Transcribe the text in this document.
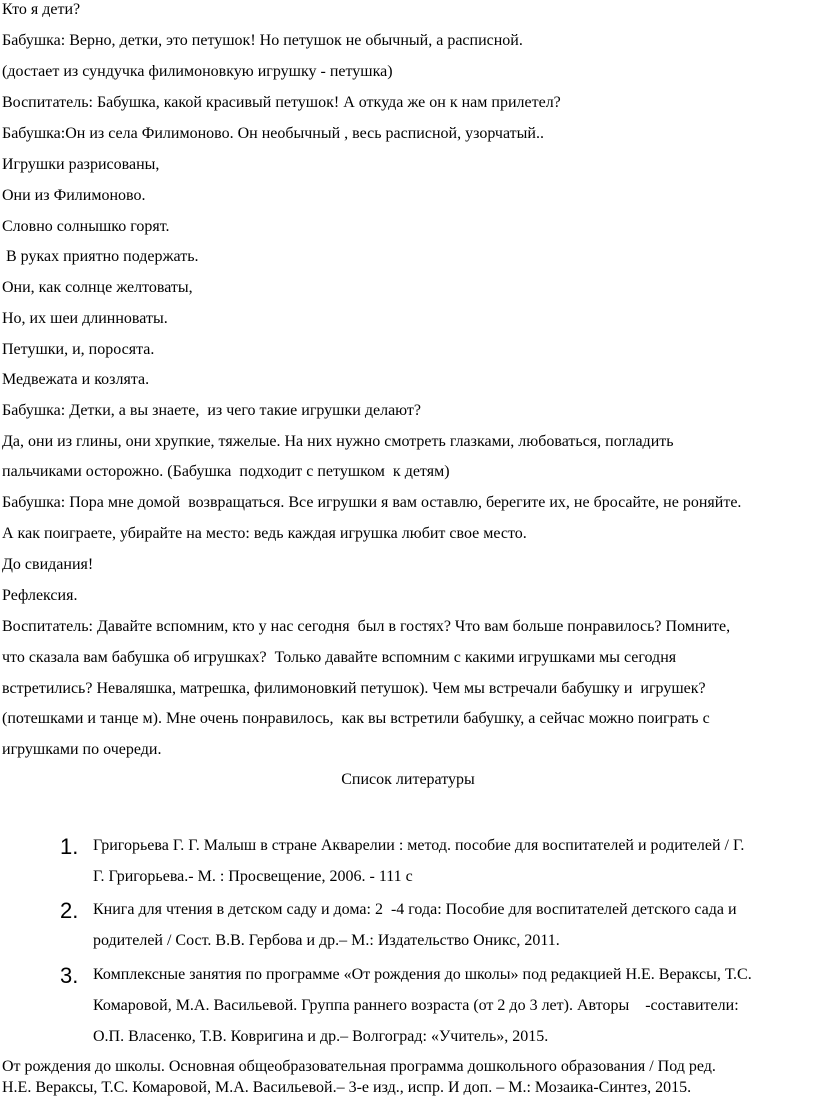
Кто я дети?
Бабушка: Верно, детки, это петушок! Но петушок не обычный, а расписной.
(достает из сундучка филимоновкую игрушку - петушка)
Воспитатель: Бабушка, какой красивый петушок! А откуда же он к нам прилетел?
Бабушка:Он из села Филимоново. Он необычный , весь расписной, узорчатый..
Игрушки разрисованы,
Они из Филимоново.
Словно солнышко горят.
В руках приятно подержать.
Они, как солнце желтоваты,
Но, их шеи длинноваты.
Петушки, и, поросята.
Медвежата и козлята.
Бабушка: Детки, а вы знаете,  из чего такие игрушки делают?
Да, они из глины, они хрупкие, тяжелые. На них нужно смотреть глазками, любоваться, погладить
пальчиками осторожно. (Бабушка  подходит с петушком  к детям)
Бабушка: Пора мне домой  возвращаться. Все игрушки я вам оставлю, берегите их, не бросайте, не роняйте.
А как поиграете, убирайте на место: ведь каждая игрушка любит свое место.
До свидания!
Рефлексия.
Воспитатель: Давайте вспомним, кто у нас сегодня  был в гостях? Что вам больше понравилось? Помните,
что сказала вам бабушка об игрушках?  Только давайте вспомним с какими игрушками мы сегодня
встретились? Неваляшка, матрешка, филимоновкий петушок). Чем мы встречали бабушку и  игрушек?
(потешками и танце м). Мне очень понравилось,  как вы встретили бабушку, а сейчас можно поиграть с
игрушками по очереди.
Список литературы
1. Григорьева Г. Г. Малыш в стране Акварелии : метод. пособие для воспитателей и родителей / Г.
Г. Григорьева.- М. : Просвещение, 2006. - 111 с
2. Книга для чтения в детском саду и дома: 2  -4 года: Пособие для воспитателей детского сада и
родителей / Сост. В.В. Гербова и др.– М.: Издательство Оникс, 2011.
3. Комплексные занятия по программе «От рождения до школы» под редакцией Н.Е. Вераксы, Т.С.
Комаровой, М.А. Васильевой. Группа раннего возраста (от 2 до 3 лет). Авторы    -составители:
О.П. Власенко, Т.В. Ковригина и др.– Волгоград: «Учитель», 2015.
От рождения до школы. Основная общеобразовательная программа дошкольного образования / Под ред.
Н.Е. Вераксы, Т.С. Комаровой, М.А. Васильевой.– 3-е изд., испр. И доп. – М.: Мозаика-Синтез, 2015.
